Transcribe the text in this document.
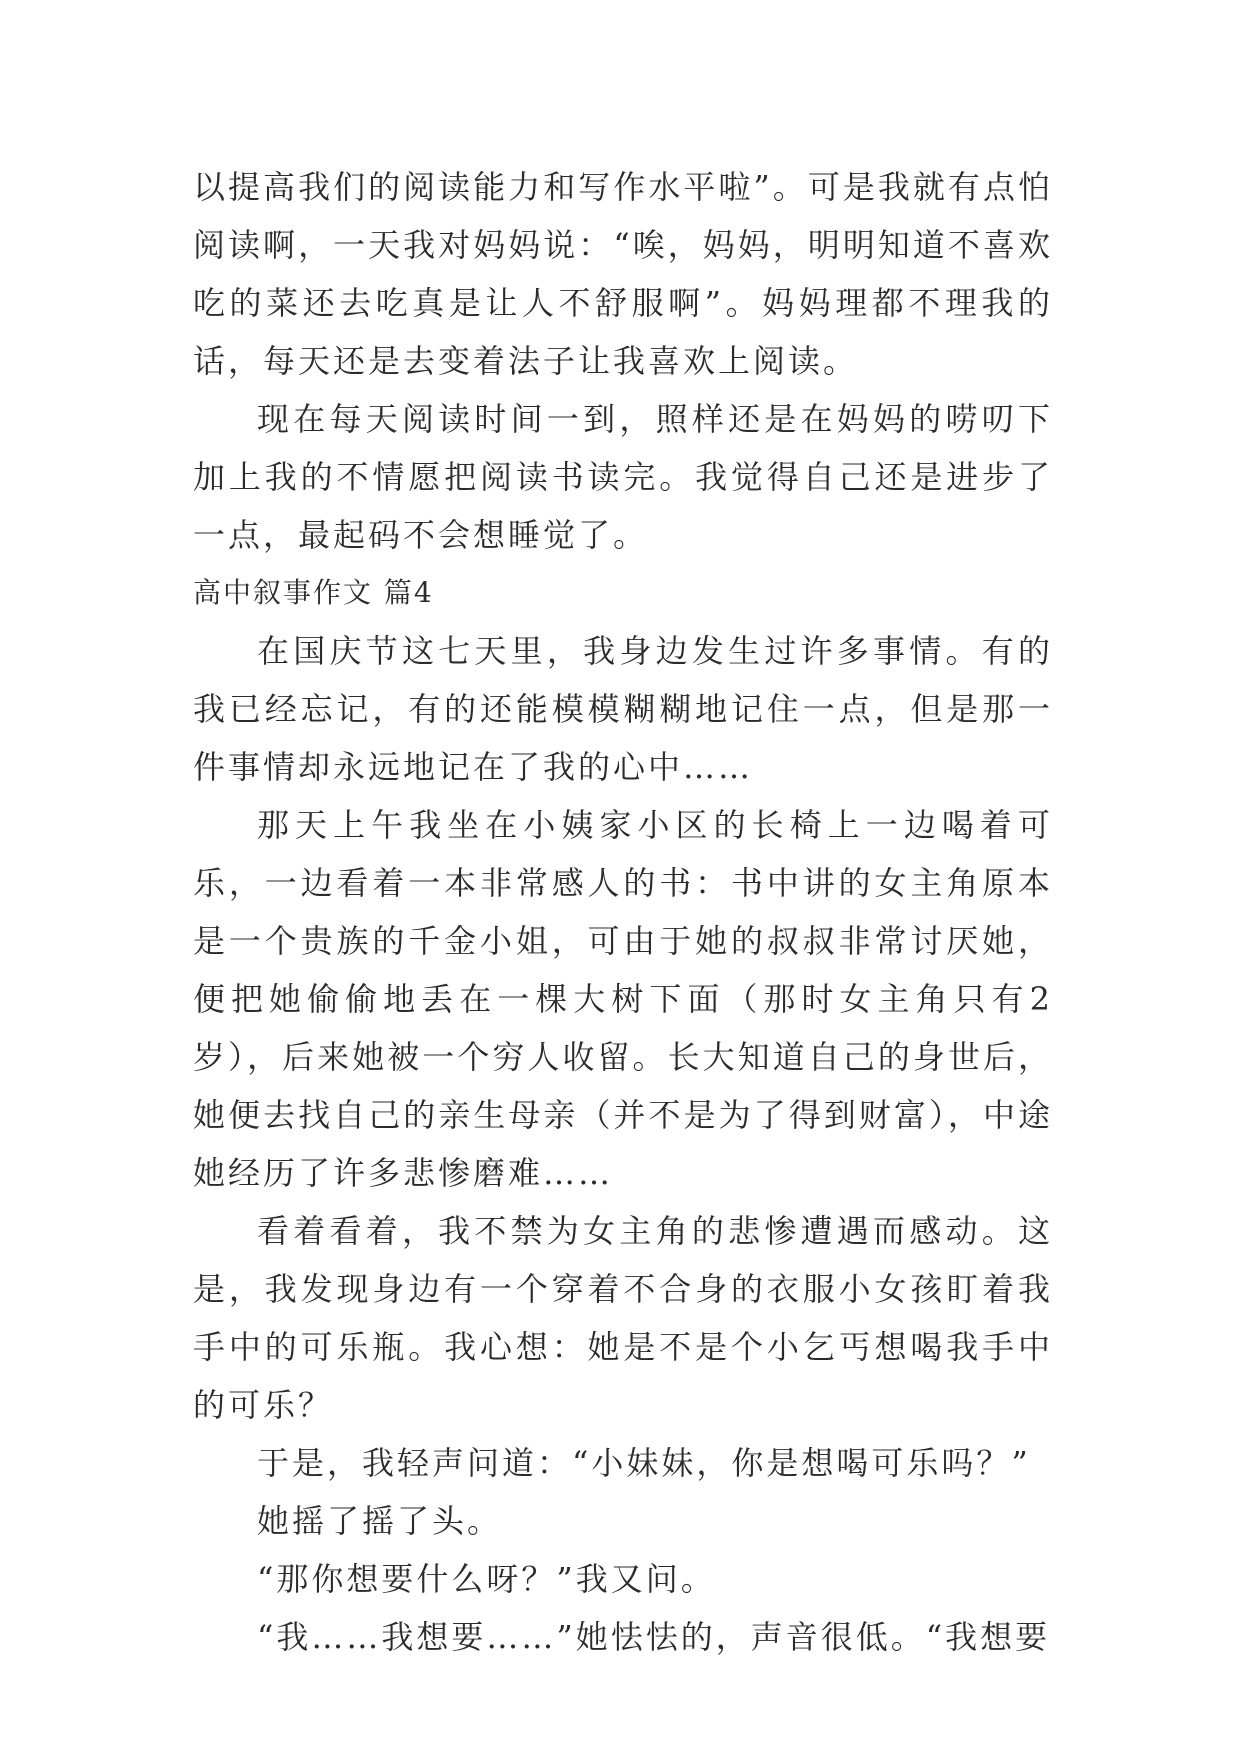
以提高我们的阅读能力和写作水平啦”。可是我就有点怕阅读啊，一天我对妈妈说：“唉，妈妈，明明知道不喜欢吃的菜还去吃真是让人不舒服啊”。妈妈理都不理我的话，每天还是去变着法子让我喜欢上阅读。

现在每天阅读时间一到，照样还是在妈妈的唠叨下加上我的不情愿把阅读书读完。我觉得自己还是进步了一点，最起码不会想睡觉了。

高中叙事作文 篇4

在国庆节这七天里，我身边发生过许多事情。有的我已经忘记，有的还能模模糊糊地记住一点，但是那一件事情却永远地记在了我的心中……

那天上午我坐在小姨家小区的长椅上一边喝着可乐，一边看着一本非常感人的书：书中讲的女主角原本是一个贵族的千金小姐，可由于她的叔叔非常讨厌她，便把她偷偷地丢在一棵大树下面（那时女主角只有2岁），后来她被一个穷人收留。长大知道自己的身世后，她便去找自己的亲生母亲（并不是为了得到财富），中途她经历了许多悲惨磨难……

看着看着，我不禁为女主角的悲惨遭遇而感动。这是，我发现身边有一个穿着不合身的衣服小女孩盯着我手中的可乐瓶。我心想：她是不是个小乞丐想喝我手中的可乐？

于是，我轻声问道：“小妹妹，你是想喝可乐吗？”

她摇了摇了头。

“那你想要什么呀？”我又问。

“我……我想要……”她怯怯的，声音很低。“我想要
